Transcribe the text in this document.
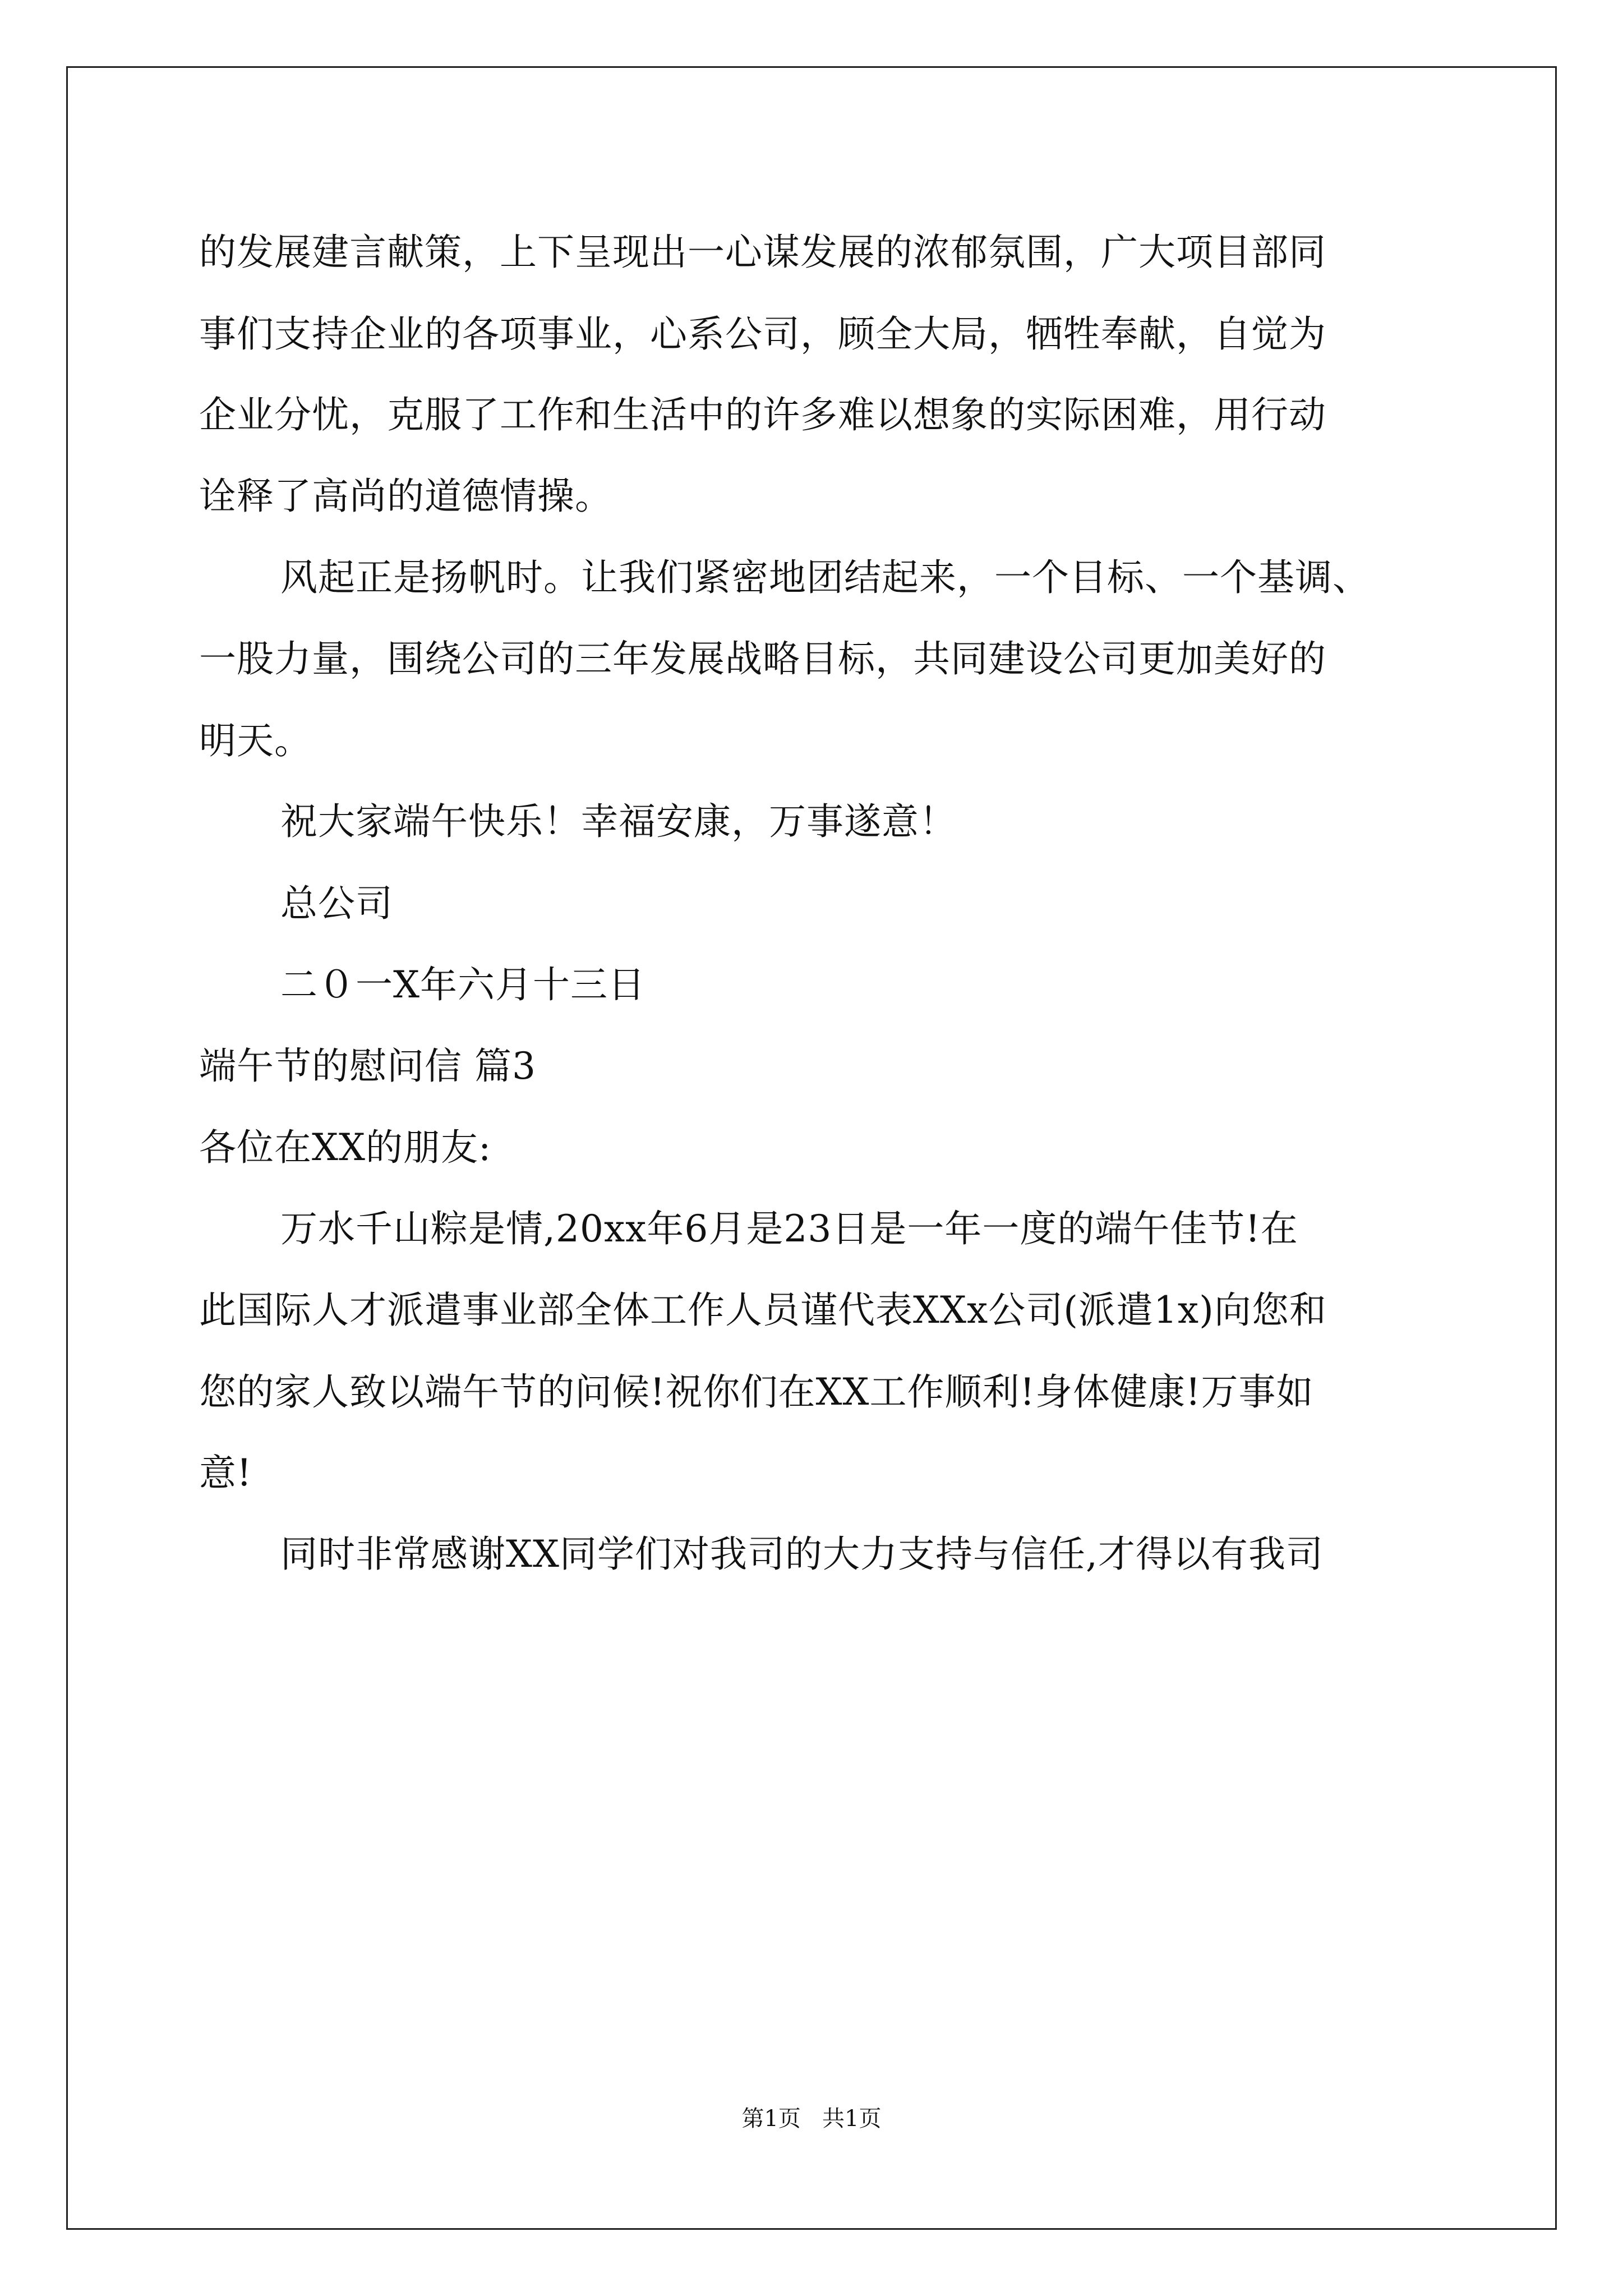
的发展建言献策，上下呈现出一心谋发展的浓郁氛围，广大项目部同
事们支持企业的各项事业，心系公司，顾全大局，牺牲奉献，自觉为
企业分忧，克服了工作和生活中的许多难以想象的实际困难，用行动
诠释了高尚的道德情操。
风起正是扬帆时。让我们紧密地团结起来，一个目标、一个基调、
一股力量，围绕公司的三年发展战略目标，共同建设公司更加美好的
明天。
祝大家端午快乐！幸福安康，万事遂意！
总公司
二０一X年六月十三日
端午节的慰问信 篇3
各位在XX的朋友:
万水千山粽是情,20xx年6月是23日是一年一度的端午佳节!在
此国际人才派遣事业部全体工作人员谨代表XXx公司(派遣1x)向您和
您的家人致以端午节的问候!祝你们在XX工作顺利!身体健康!万事如
意!
同时非常感谢XX同学们对我司的大力支持与信任,才得以有我司
第1页   共1页
